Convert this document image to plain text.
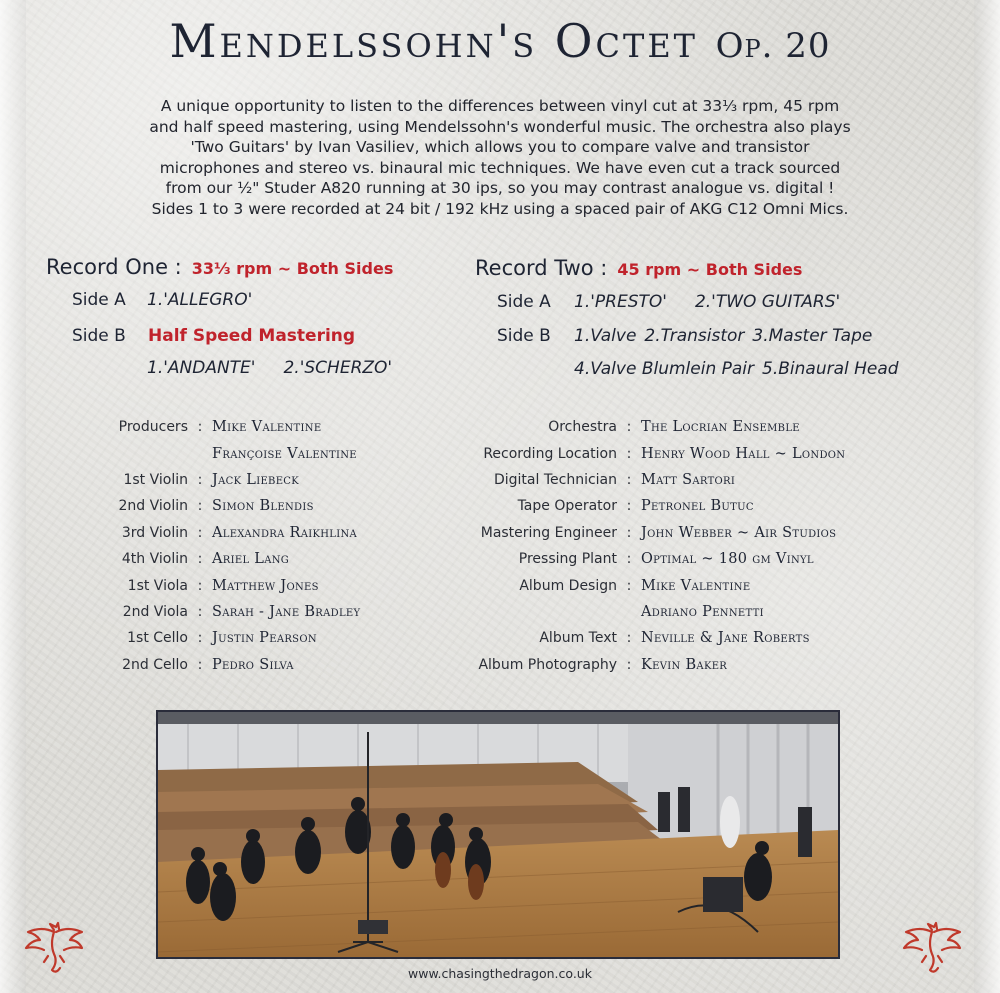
Mendelssohn's Octet Op. 20
A unique opportunity to listen to the differences between vinyl cut at 33⅓ rpm, 45 rpm
and half speed mastering, using Mendelssohn's wonderful music. The orchestra also plays
'Two Guitars' by Ivan Vasiliev, which allows you to compare valve and transistor
microphones and stereo vs. binaural mic techniques. We have even cut a track sourced
from our ½" Studer A820 running at 30 ips, so you may contrast analogue vs. digital !
Sides 1 to 3 were recorded at 24 bit / 192 kHz using a spaced pair of AKG C12 Omni Mics.
Record One : 33⅓ rpm ~ Both Sides
Side A 1.'ALLEGRO'
Side B Half Speed Mastering
1.'ANDANTE' 2.'SCHERZO'
Record Two : 45 rpm ~ Both Sides
Side A 1.'PRESTO' 2.'TWO GUITARS'
Side B 1.Valve 2.Transistor 3.Master Tape
4.Valve Blumlein Pair 5.Binaural Head
Producers : Mike Valentine
Françoise Valentine
1st Violin : Jack Liebeck
2nd Violin : Simon Blendis
3rd Violin : Alexandra Raikhlina
4th Violin : Ariel Lang
1st Viola : Matthew Jones
2nd Viola : Sarah - Jane Bradley
1st Cello : Justin Pearson
2nd Cello : Pedro Silva
Orchestra : The Locrian Ensemble
Recording Location : Henry Wood Hall ~ London
Digital Technician : Matt Sartori
Tape Operator : Petronel Butuc
Mastering Engineer : John Webber ~ Air Studios
Pressing Plant : Optimal ~ 180 gm Vinyl
Album Design : Mike Valentine
Adriano Pennetti
Album Text : Neville & Jane Roberts
Album Photography : Kevin Baker
www.chasingthedragon.co.uk
